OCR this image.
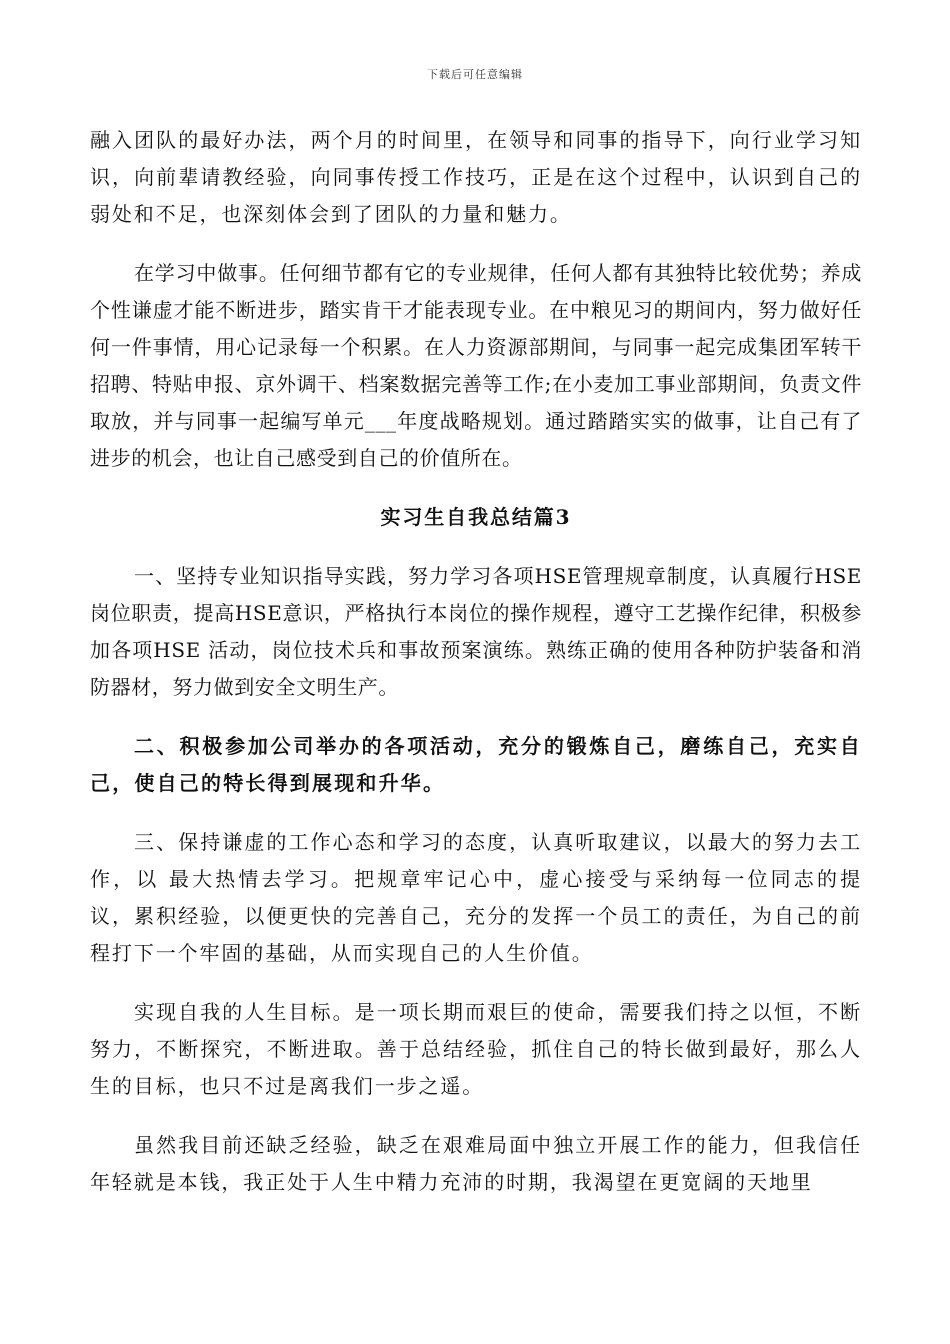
下载后可任意编辑

融入团队的最好办法，两个月的时间里，在领导和同事的指导下，向行业学习知识，向前辈请教经验，向同事传授工作技巧，正是在这个过程中，认识到自己的弱处和不足，也深刻体会到了团队的力量和魅力。

在学习中做事。任何细节都有它的专业规律，任何人都有其独特比较优势；养成个性谦虚才能不断进步，踏实肯干才能表现专业。在中粮见习的期间内，努力做好任何一件事情，用心记录每一个积累。在人力资源部期间，与同事一起完成集团军转干招聘、特贴申报、京外调干、档案数据完善等工作;在小麦加工事业部期间，负责文件取放，并与同事一起编写单元___年度战略规划。通过踏踏实实的做事，让自己有了进步的机会，也让自己感受到自己的价值所在。

实习生自我总结篇3

一、坚持专业知识指导实践，努力学习各项HSE管理规章制度，认真履行HSE岗位职责，提高HSE意识，严格执行本岗位的操作规程，遵守工艺操作纪律，积极参加各项HSE 活动，岗位技术兵和事故预案演练。熟练正确的使用各种防护装备和消防器材，努力做到安全文明生产。

二、积极参加公司举办的各项活动，充分的锻炼自己，磨练自己，充实自己，使自己的特长得到展现和升华。

三、保持谦虚的工作心态和学习的态度，认真听取建议，以最大的努力去工作，以 最大热情去学习。把规章牢记心中，虚心接受与采纳每一位同志的提议，累积经验，以便更快的完善自己，充分的发挥一个员工的责任，为自己的前程打下一个牢固的基础，从而实现自己的人生价值。

实现自我的人生目标。是一项长期而艰巨的使命，需要我们持之以恒，不断努力，不断探究，不断进取。善于总结经验，抓住自己的特长做到最好，那么人生的目标，也只不过是离我们一步之遥。

虽然我目前还缺乏经验，缺乏在艰难局面中独立开展工作的能力，但我信任年轻就是本钱，我正处于人生中精力充沛的时期，我渴望在更宽阔的天地里
